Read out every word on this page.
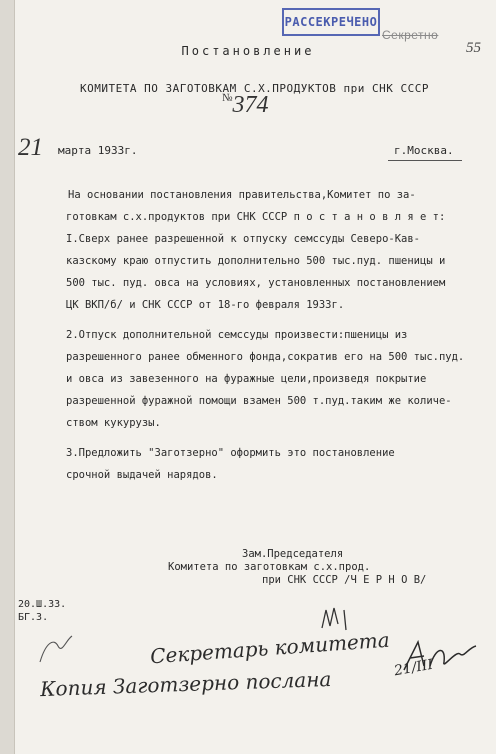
РАССЕКРЕЧЕНО
Секретно
55
Постановление
КОМИТЕТА ПО ЗАГОТОВКАМ С.Х.ПРОДУКТОВ при СНК СССР
№374
21 марта 1933г.	г.Москва.
На основании постановления правительства,Комитет по за-
готовкам с.х.продуктов при СНК СССР п о с т а н о в л я е т:
I.Сверх ранее разрешенной к отпуску семссуды Северо-Кав-
казскому краю отпустить дополнительно 500 тыс.пуд. пшеницы и
500 тыс. пуд. овса на условиях, установленных постановлением
ЦК ВКП/б/ и СНК СССР от 18-го февраля 1933г.
2.Отпуск дополнительной семссуды произвести:пшеницы из
разрешенного ранее обменного фонда,сократив его на 500 тыс.пуд.
и овса из завезенного на фуражные цели,произведя покрытие
разрешенной фуражной помощи взамен 500 т.пуд.таким же количе-
ством кукурузы.
3.Предложить "Заготзерно" оформить это постановление
срочной выдачей нарядов.
Зам.Председателя
Комитета по заготовкам с.х.прод.
при СНК СССР /Ч Е Р Н О В/
20.Ш.33.
БГ.З.
Секретарь комитета 21/III
Копия Заготзерно послана
